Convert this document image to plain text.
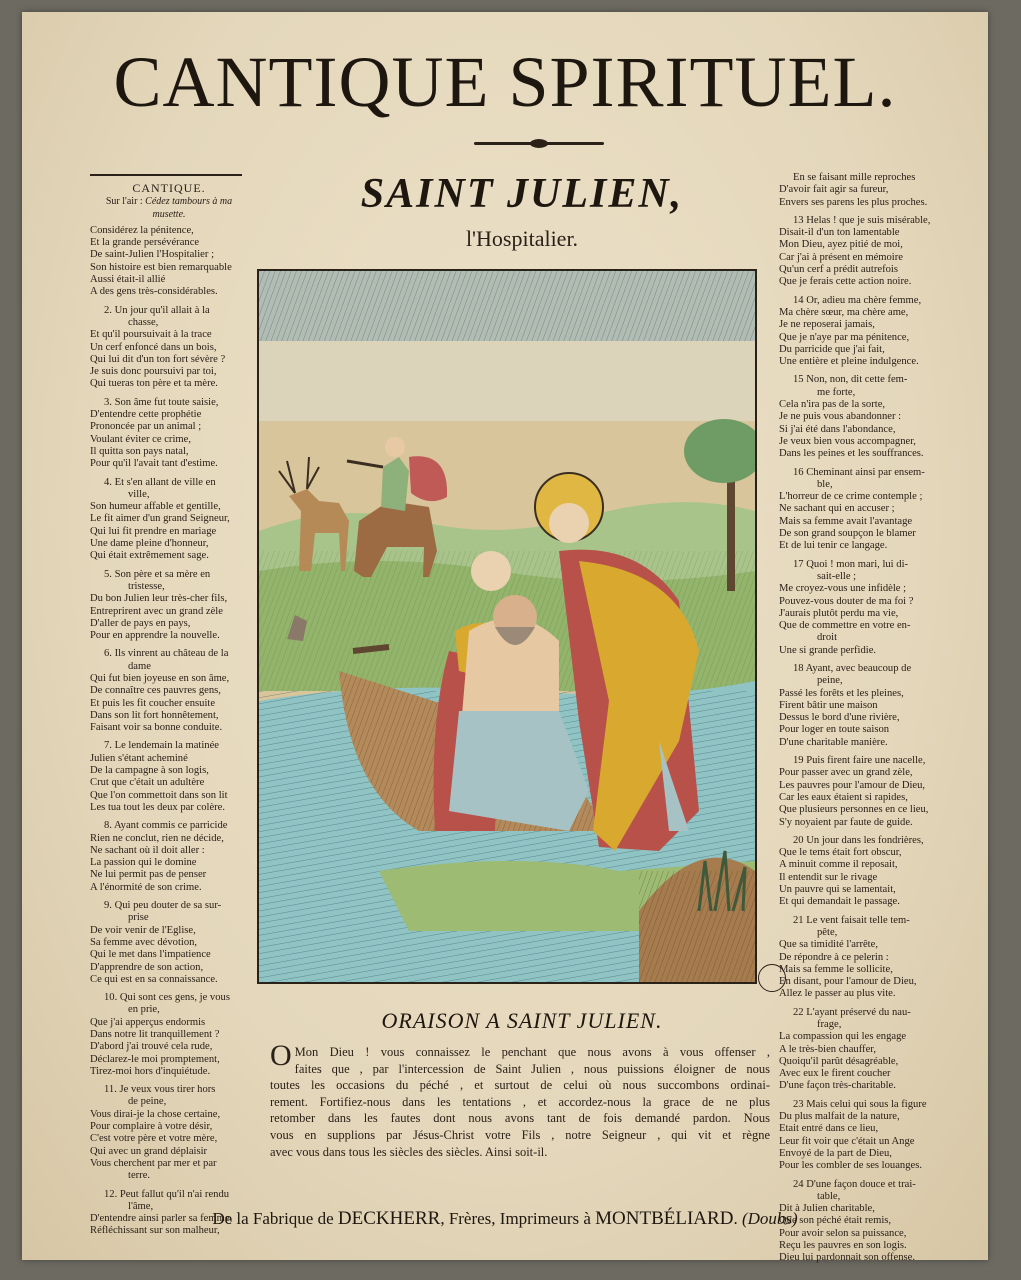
CANTIQUE SPIRITUEL.
CANTIQUE.
Sur l'air : Cédez tambours à ma musette.
Considérez la pénitence,
Et la grande persévérance
De saint-Julien l'Hospitalier ;
Son histoire est bien remarquable
Aussi était-il allié
A des gens très-considérables.
2. Un jour qu'il allait à la
chasse,
Et qu'il poursuivait à la trace
Un cerf enfoncé dans un bois,
Qui lui dit d'un ton fort sévère ?
Je suis donc poursuivi par toi,
Qui tueras ton père et ta mère.
3. Son âme fut toute saisie,
D'entendre cette prophétie
Prononcée par un animal ;
Voulant éviter ce crime,
Il quitta son pays natal,
Pour qu'il l'avait tant d'estime.
4. Et s'en allant de ville en
ville,
Son humeur affable et gentille,
Le fit aimer d'un grand Seigneur,
Qui lui fit prendre en mariage
Une dame pleine d'honneur,
Qui était extrêmement sage.
5. Son père et sa mère en
tristesse,
Du bon Julien leur très-cher fils,
Entreprirent avec un grand zèle
D'aller de pays en pays,
Pour en apprendre la nouvelle.
6. Ils vinrent au château de la
dame
Qui fut bien joyeuse en son âme,
De connaître ces pauvres gens,
Et puis les fit coucher ensuite
Dans son lit fort honnêtement,
Faisant voir sa bonne conduite.
7. Le lendemain la matinée
Julien s'étant acheminé
De la campagne à son logis,
Crut que c'était un adultère
Que l'on commettoit dans son lit
Les tua tout les deux par colère.
8. Ayant commis ce parricide
Rien ne conclut, rien ne décide,
Ne sachant où il doit aller :
La passion qui le domine
Ne lui permit pas de penser
A l'énormité de son crime.
9. Qui peu douter de sa sur-
prise
De voir venir de l'Eglise,
Sa femme avec dévotion,
Qui le met dans l'impatience
D'apprendre de son action,
Ce qui est en sa connaissance.
10. Qui sont ces gens, je vous
en prie,
Que j'ai apperçus endormis
Dans notre lit tranquillement ?
D'abord j'ai trouvé cela rude,
Déclarez-le moi promptement,
Tirez-moi hors d'inquiétude.
11. Je veux vous tirer hors
de peine,
Vous dirai-je la chose certaine,
Pour complaire à votre désir,
C'est votre père et votre mère,
Qui avec un grand déplaisir
Vous cherchent par mer et par
terre.
12. Peut fallut qu'il n'ai rendu
l'âme,
D'entendre ainsi parler sa femme,
Réfléchissant sur son malheur,
SAINT JULIEN,
l'Hospitalier.
En se faisant mille reproches
D'avoir fait agir sa fureur,
Envers ses parens les plus proches.
13 Helas ! que je suis misérable,
Disait-il d'un ton lamentable
Mon Dieu, ayez pitié de moi,
Car j'ai à présent en mémoire
Qu'un cerf a prédit autrefois
Que je ferais cette action noire.
14 Or, adieu ma chère femme,
Ma chère sœur, ma chère ame,
Je ne reposerai jamais,
Que je n'aye par ma pénitence,
Du parricide que j'ai fait,
Une entière et pleine indulgence.
15 Non, non, dit cette fem-
me forte,
Cela n'ira pas de la sorte,
Je ne puis vous abandonner :
Si j'ai été dans l'abondance,
Je veux bien vous accompagner,
Dans les peines et les souffrances.
16 Cheminant ainsi par ensem-
ble,
L'horreur de ce crime contemple ;
Ne sachant qui en accuser ;
Mais sa femme avait l'avantage
De son grand soupçon le blamer
Et de lui tenir ce langage.
17 Quoi ! mon mari, lui di-
sait-elle ;
Me croyez-vous une infidèle ;
Pouvez-vous douter de ma foi ?
J'aurais plutôt perdu ma vie,
Que de commettre en votre en-
droit
Une si grande perfidie.
18 Ayant, avec beaucoup de
peine,
Passé les forêts et les pleines,
Firent bâtir une maison
Dessus le bord d'une rivière,
Pour loger en toute saison
D'une charitable manière.
19 Puis firent faire une nacelle,
Pour passer avec un grand zèle,
Les pauvres pour l'amour de Dieu,
Car les eaux étaient si rapides,
Que plusieurs personnes en ce lieu,
S'y noyaient par faute de guide.
20 Un jour dans les fondrières,
Que le tems était fort obscur,
A minuit comme il reposait,
Il entendit sur le rivage
Un pauvre qui se lamentait,
Et qui demandait le passage.
21 Le vent faisait telle tem-
pête,
Que sa timidité l'arrête,
De répondre à ce pelerin :
Mais sa femme le sollicite,
En disant, pour l'amour de Dieu,
Allez le passer au plus vite.
22 L'ayant préservé du nau-
frage,
La compassion qui les engage
A le très-bien chauffer,
Quoiqu'il parût désagréable,
Avec eux le firent coucher
D'une façon très-charitable.
23 Mais celui qui sous la figure
Du plus malfait de la nature,
Etait entré dans ce lieu,
Leur fit voir que c'était un Ange
Envoyé de la part de Dieu,
Pour les combler de ses louanges.
24 D'une façon douce et trai-
table,
Dit à Julien charitable,
Que son péché était remis,
Pour avoir selon sa puissance,
Reçu les pauvres en son logis.
Dieu lui pardonnait son offense.
ORAISON A SAINT JULIEN.
O Mon Dieu ! vous connaissez le penchant que nous avons à vous offenser ,
faites que , par l'intercession de Saint Julien , nous puissions éloigner de nous
toutes les occasions du péché , et surtout de celui où nous succombons ordinai-
rement. Fortifiez-nous dans les tentations , et accordez-nous la grace de ne plus
retomber dans les fautes dont nous avons tant de fois demandé pardon. Nous
vous en supplions par Jésus-Christ votre Fils , notre Seigneur , qui vit et règne
avec vous dans tous les siècles des siècles. Ainsi soit-il.
De la Fabrique de DECKHERR, Frères, Imprimeurs à MONTBÉLIARD. (Doubs)
